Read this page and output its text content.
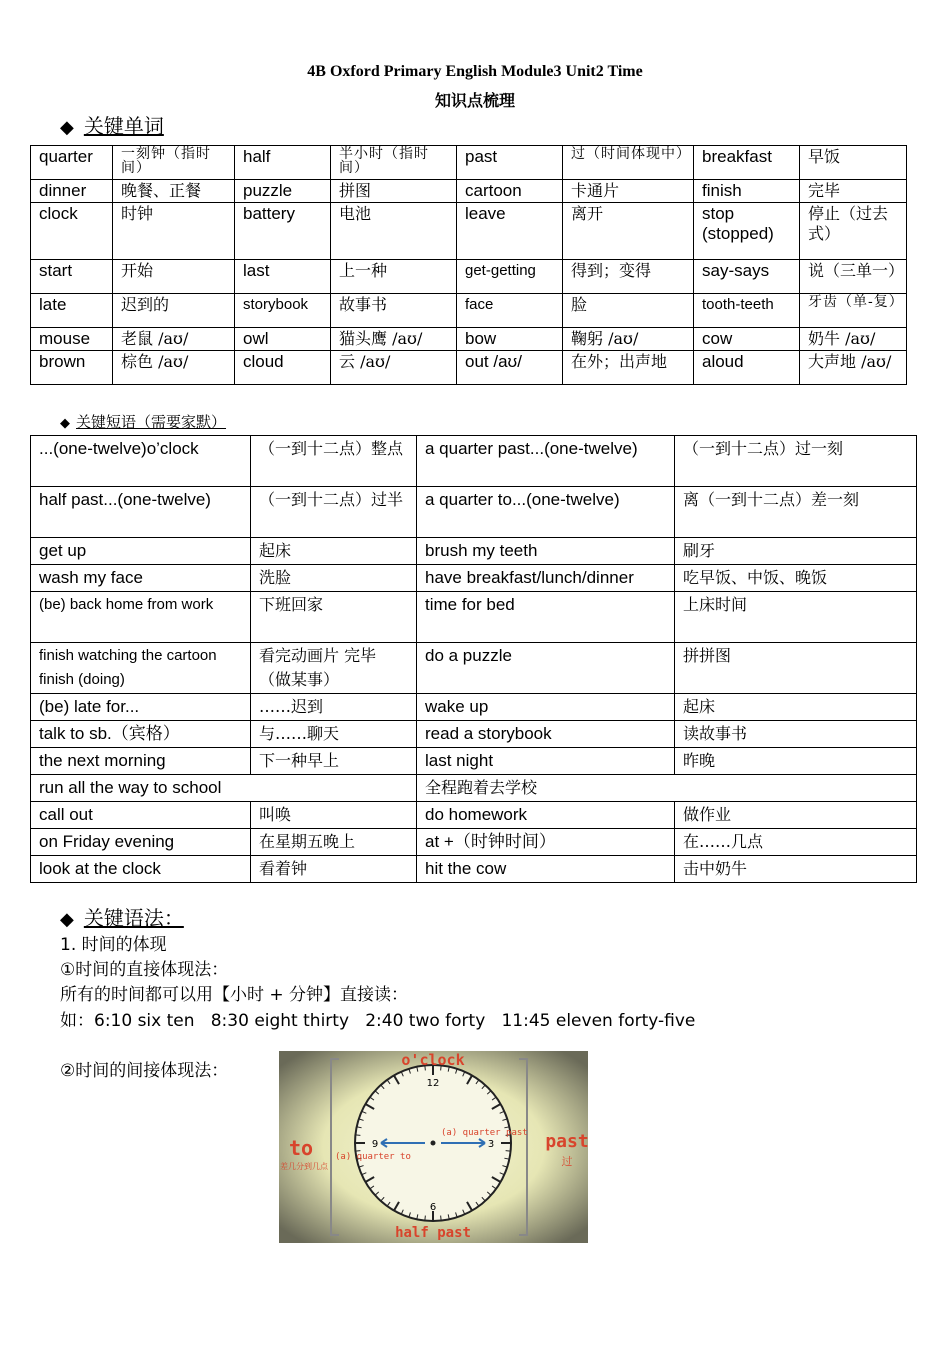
4B Oxford Primary English Module3 Unit2 Time
知识点梳理
◆ 关键单词
quarter	一刻钟（指时间）	half	半小时（指时间）	past	过（时间体现中）	breakfast	早饭
dinner	晚餐、正餐	puzzle	拼图	cartoon	卡通片	finish	完毕
clock	时钟	battery	电池	leave	离开	stop (stopped)	停止（过去式）
start	开始	last	上一种	get-getting	得到；变得	say-says	说（三单一）
late	迟到的	storybook	故事书	face	脸	tooth-teeth	牙齿（单-复）
mouse	老鼠 /aʊ/	owl	猫头鹰 /aʊ/	bow	鞠躬 /aʊ/	cow	奶牛 /aʊ/
brown	棕色 /aʊ/	cloud	云 /aʊ/	out /aʊ/	在外；出声地	aloud	大声地 /aʊ/
◆ 关键短语（需要家默）
...(one-twelve)o’clock	（一到十二点）整点	a quarter past...(one-twelve)	（一到十二点）过一刻
half past...(one-twelve)	（一到十二点）过半	a quarter to...(one-twelve)	离（一到十二点）差一刻
get up	起床	brush my teeth	刷牙
wash my face	洗脸	have breakfast/lunch/dinner	吃早饭、中饭、晚饭
(be) back home from work	下班回家	time for bed	上床时间
finish watching the cartoon finish (doing)	看完动画片 完毕（做某事）	do a puzzle	拼拼图
(be) late for...	……迟到	wake up	起床
talk to sb.（宾格）	与……聊天	read a storybook	读故事书
the next morning	下一种早上	last night	昨晚
run all the way to school		全程跑着去学校	
call out	叫唤	do homework	做作业
on Friday evening	在星期五晚上	at +（时钟时间）	在……几点
look at the clock	看着钟	hit the cow	击中奶牛
◆ 关键语法：
1. 时间的体现
①时间的直接体现法：
所有的时间都可以用【小时 + 分钟】直接读：
如：6:10 six ten   8:30 eight thirty   2:40 two forty   11:45 eleven forty-five
②时间的间接体现法：
12
3
6
9
o'clock
half past
to
差几分到几点
past
过
(a) quarter past
(a) quarter to
